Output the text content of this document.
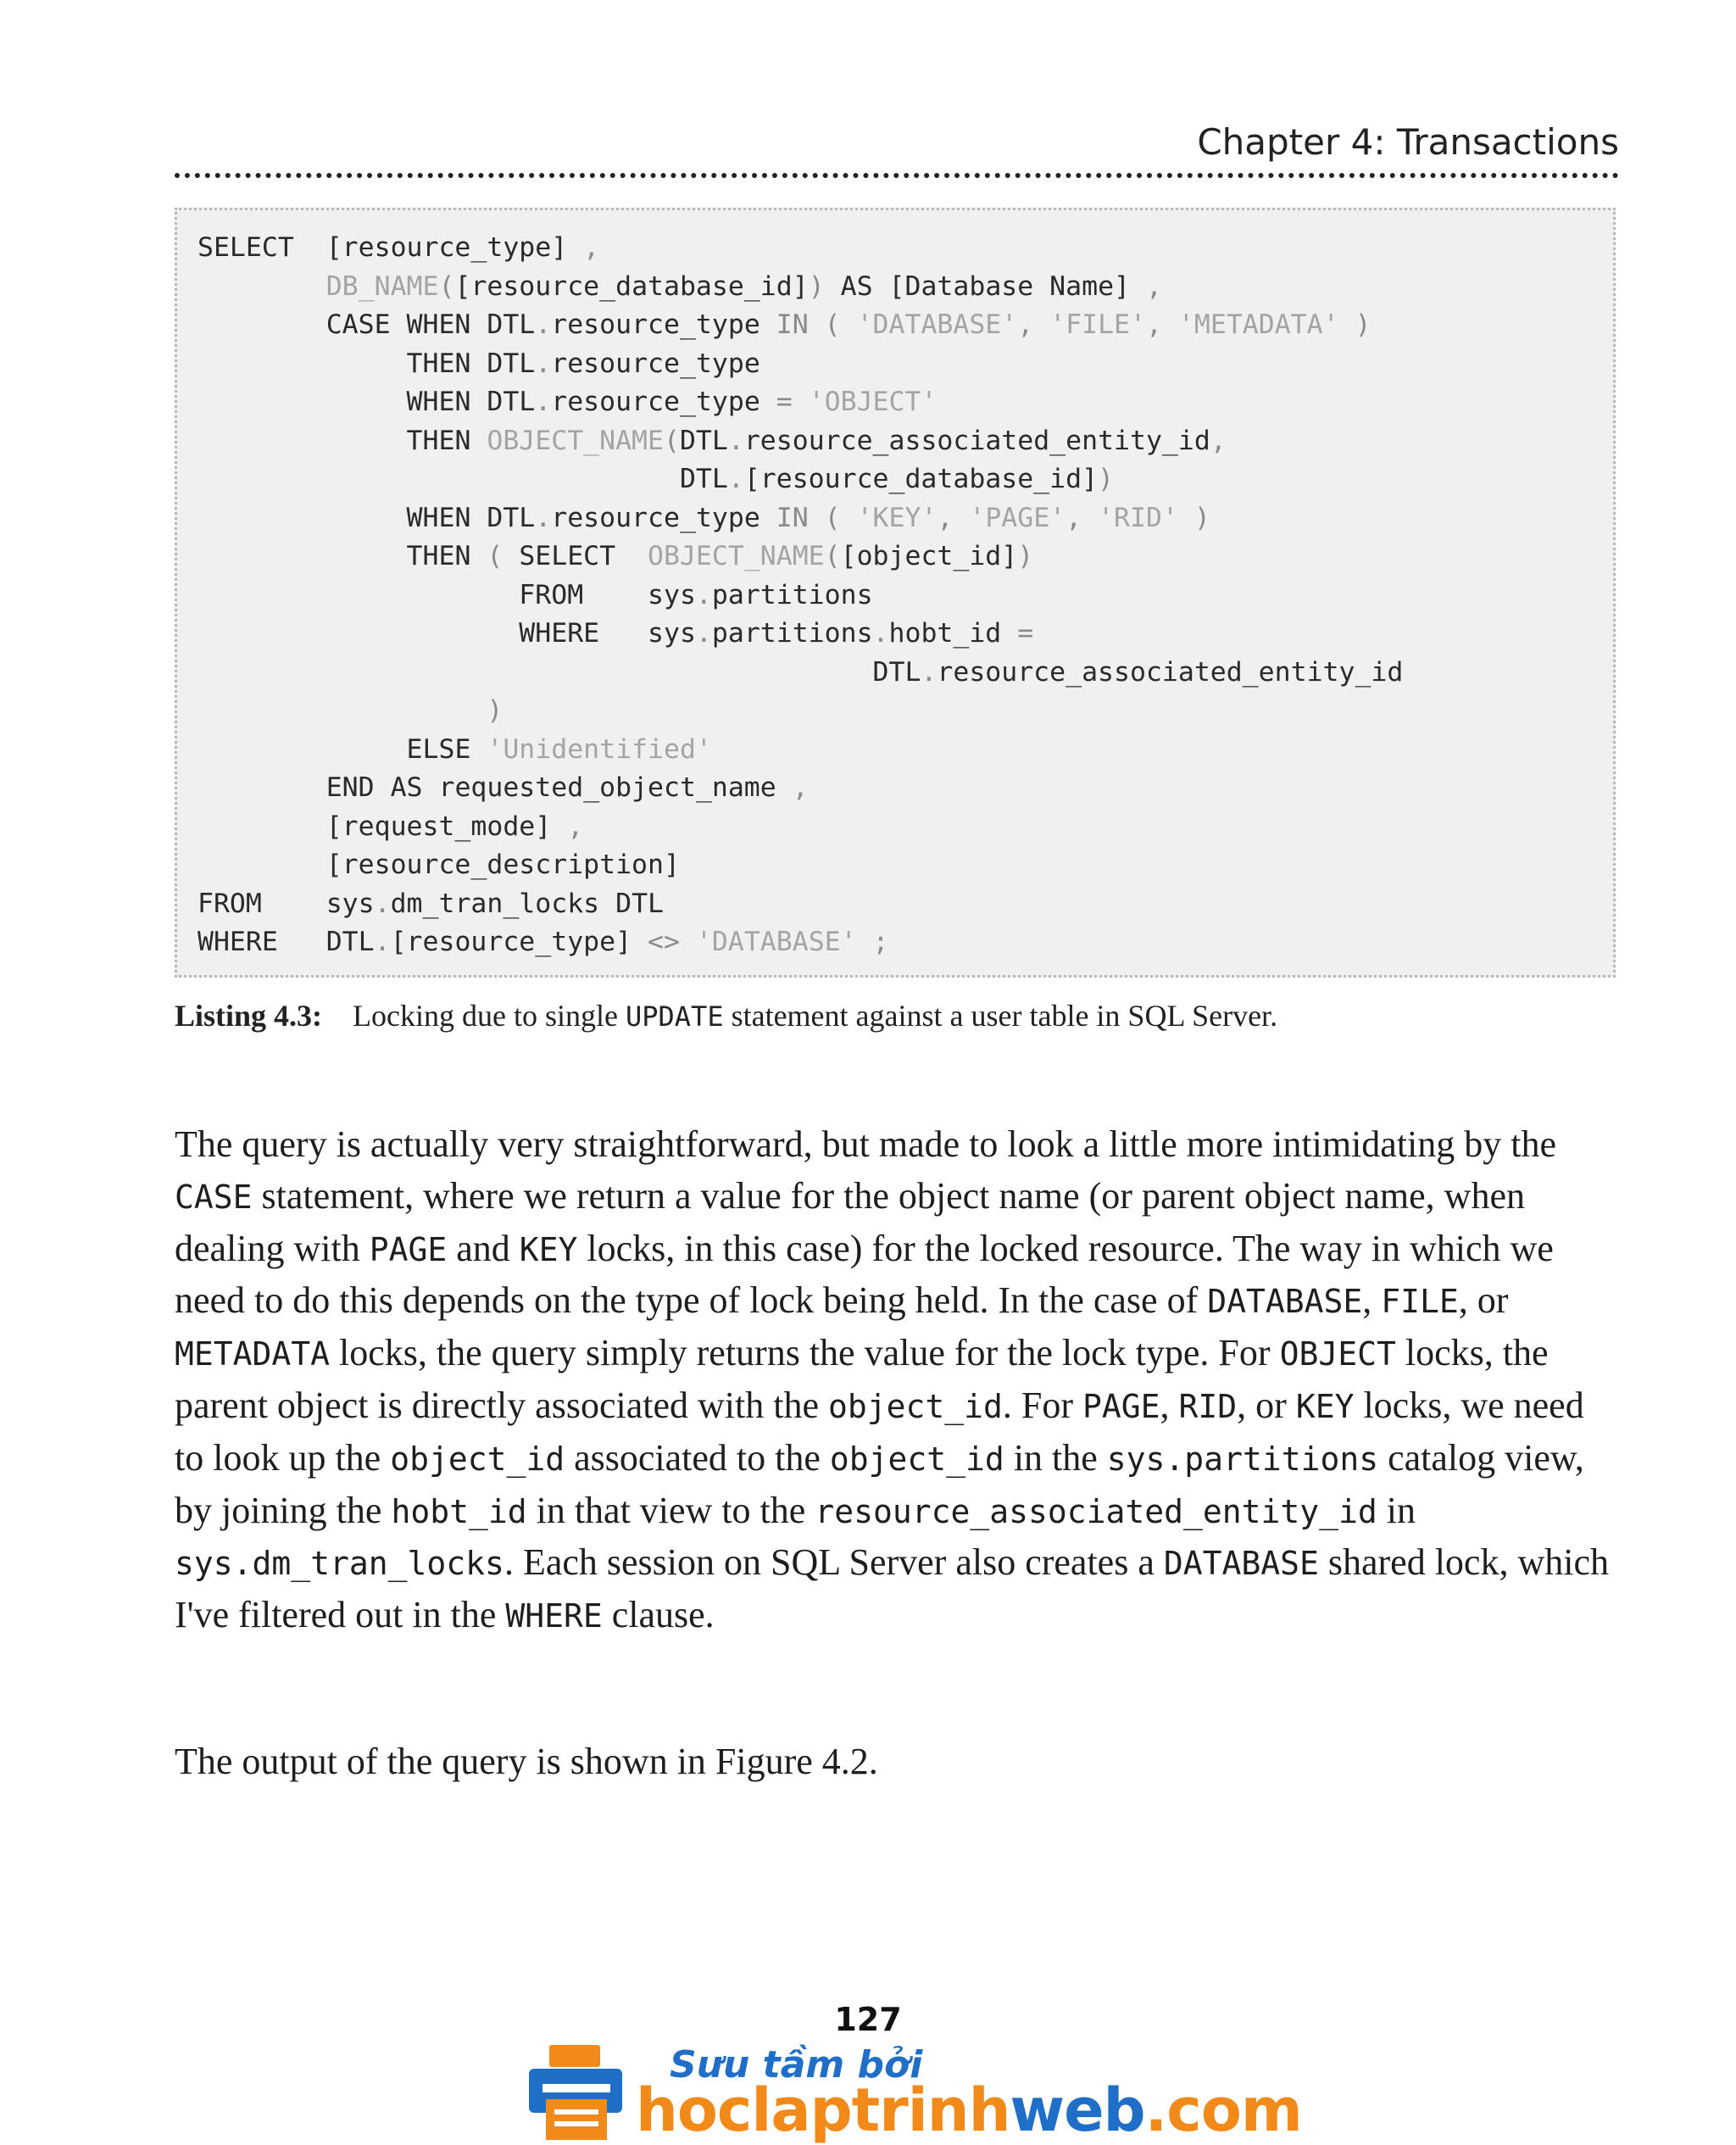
Chapter 4: Transactions
SELECT  [resource_type] ,
DB_NAME([resource_database_id]) AS [Database Name] ,
CASE WHEN DTL.resource_type IN ( 'DATABASE', 'FILE', 'METADATA' )
THEN DTL.resource_type
WHEN DTL.resource_type = 'OBJECT'
THEN OBJECT_NAME(DTL.resource_associated_entity_id,
DTL.[resource_database_id])
WHEN DTL.resource_type IN ( 'KEY', 'PAGE', 'RID' )
THEN ( SELECT  OBJECT_NAME([object_id])
FROM    sys.partitions
WHERE   sys.partitions.hobt_id =
DTL.resource_associated_entity_id
)
ELSE 'Unidentified'
END AS requested_object_name ,
[request_mode] ,
[resource_description]
FROM    sys.dm_tran_locks DTL
WHERE   DTL.[resource_type] <> 'DATABASE' ;
Listing 4.3: Locking due to single UPDATE statement against a user table in SQL Server.
The query is actually very straightforward, but made to look a little more intimidating by the CASE statement, where we return a value for the object name (or parent object name, when dealing with PAGE and KEY locks, in this case) for the locked resource. The way in which we need to do this depends on the type of lock being held. In the case of DATABASE, FILE, or METADATA locks, the query simply returns the value for the lock type. For OBJECT locks, the parent object is directly associated with the object_id. For PAGE, RID, or KEY locks, we need to look up the object_id associated to the object_id in the sys.partitions catalog view, by joining the hobt_id in that view to the resource_associated_entity_id in sys.dm_tran_locks. Each session on SQL Server also creates a DATABASE shared lock, which I've filtered out in the WHERE clause.
The output of the query is shown in Figure 4.2.
127
Sưu tầm bởi
hoclaptrinhweb.com
